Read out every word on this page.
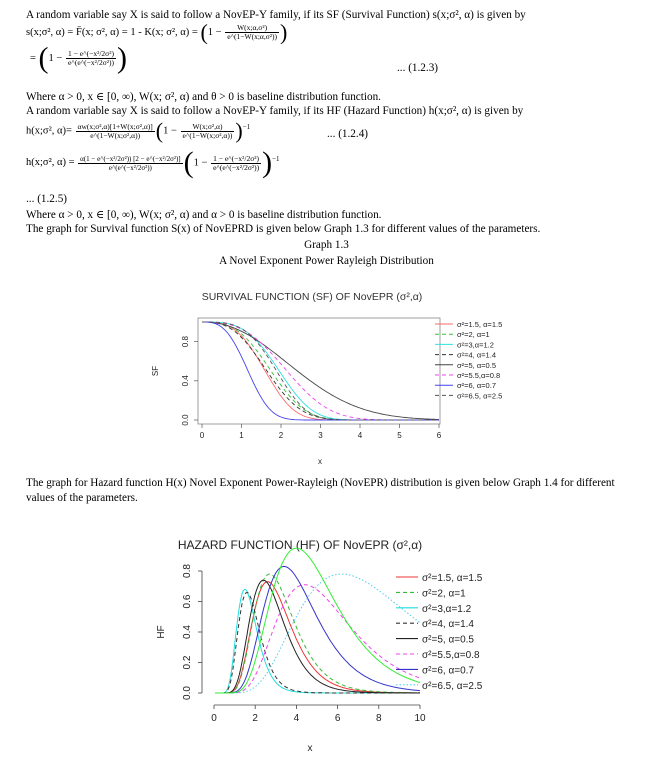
A random variable say X is said to follow a NovEP-Y family, if its SF (Survival Function) s(x;σ², α) is given by
s(x;σ², α) = F̄(x; σ², α) = 1 - K(x; σ², $\alpha) = (1 - \frac{\text{W(x;α,σ²)}}{\text{e\textasciicircum{}(1−W(x;α,σ²))}}$ )
= ($1 - \frac{\text{1 − e\textasciicircum{}(−x²/2σ²)}}{\text{e\textasciicircum{}(e\textasciicircum{}(−x²/2σ²))}}$ )	... (1.2.3)
Where α > 0, x ∈ [0, ∞), W(x; σ², α) and θ > 0 is baseline distribution function.
A random variable say X is said to follow a NovEP-Y family, if its HF (Hazard Function) h(x;σ², α) is given by
h(x;σ², $\alpha)= \frac{\text{αw(x;σ²,α)[1+W(x;σ²,α)]}}{\text{e\textasciicircum{}(1−W(x;σ²,α))}} (1 - \frac{\text{W(x;σ²,α)}}{\text{e\textasciicircum{}(1−W(x;σ²,α))}} )^{-1}$
... (1.2.4)
h(x;σ², $\alpha) = \frac{\text{α(1 − e\textasciicircum{}(−x²/2σ²)) [2 − e\textasciicircum{}(−x²/2σ²)]}}{\text{e\textasciicircum{}(e\textasciicircum{}(−x²/2σ²))}} (1 - \frac{\text{1 − e\textasciicircum{}(−x²/2σ²)}}{\text{e\textasciicircum{}(e\textasciicircum{}(−x²/2σ²))}} )^{-1}$
... (1.2.5)
Where α > 0, x ∈ [0, ∞), W(x; σ², α) and α > 0 is baseline distribution function.
The graph for Survival function S(x) of NovEPRD is given below Graph 1.3 for different values of the parameters.
Graph 1.3
A Novel Exponent Power Rayleigh Distribution
SURVIVAL FUNCTION (SF) OF NovEPR (σ²,α)
0	1	2	3	4	5	6
x
0.0
0.4
0.8
SF
σ²=1.5, α=1.5
σ²=2, α=1
σ²=3,α=1.2
σ²=4, α=1.4
σ²=5, α=0.5
σ²=5.5,α=0.8
σ²=6, α=0.7
σ²=6.5, α=2.5
The graph for Hazard function H(x) Novel Exponent Power-Rayleigh (NovEPR) distribution is given below Graph 1.4 for different
values of the parameters.
HAZARD FUNCTION (HF) OF NovEPR (σ²,α)
0	2	4	6	8	10
x
0.0
0.2
0.4
0.6
0.8
HF
σ²=1.5, α=1.5
σ²=2, α=1
σ²=3,α=1.2
σ²=4, α=1.4
σ²=5, α=0.5
σ²=5.5,α=0.8
σ²=6, α=0.7
σ²=6.5, α=2.5
